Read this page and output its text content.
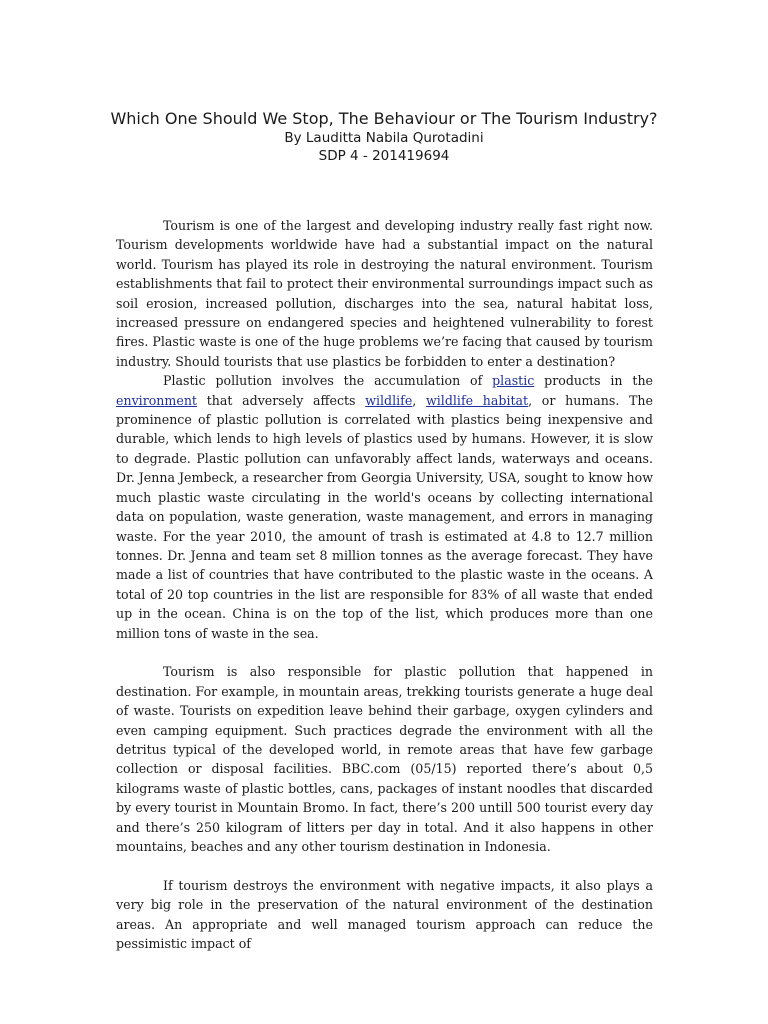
Which One Should We Stop, The Behaviour or The Tourism Industry?

By Lauditta Nabila Qurotadini

SDP 4 - 201419694

Tourism is one of the largest and developing industry really fast right now. Tourism developments worldwide have had a substantial impact on the natural world. Tourism has played its role in destroying the natural environment. Tourism establishments that fail to protect their environmental surroundings impact such as soil erosion, increased pollution, discharges into the sea, natural habitat loss, increased pressure on endangered species and heightened vulnerability to forest fires. Plastic waste is one of the huge problems we’re facing that caused by tourism industry. Should tourists that use plastics be forbidden to enter a destination?

Plastic pollution involves the accumulation of plastic products in the environment that adversely affects wildlife, wildlife habitat, or humans. The prominence of plastic pollution is correlated with plastics being inexpensive and durable, which lends to high levels of plastics used by humans. However, it is slow to degrade. Plastic pollution can unfavorably affect lands, waterways and oceans. Dr. Jenna Jembeck, a researcher from Georgia University, USA, sought to know how much plastic waste circulating in the world's oceans by collecting international data on population, waste generation, waste management, and errors in managing waste. For the year 2010, the amount of trash is estimated at 4.8 to 12.7 million tonnes. Dr. Jenna and team set 8 million tonnes as the average forecast. They have made a list of countries that have contributed to the plastic waste in the oceans. A total of 20 top countries in the list are responsible for 83% of all waste that ended up in the ocean. China is on the top of the list, which produces more than one million tons of waste in the sea.

Tourism is also responsible for plastic pollution that happened in destination. For example, in mountain areas, trekking tourists generate a huge deal of waste. Tourists on expedition leave behind their garbage, oxygen cylinders and even camping equipment. Such practices degrade the environment with all the detritus typical of the developed world, in remote areas that have few garbage collection or disposal facilities. BBC.com (05/15) reported there’s about 0,5 kilograms waste of plastic bottles, cans, packages of instant noodles that discarded by every tourist in Mountain Bromo. In fact, there’s 200 untill 500 tourist every day and there’s 250 kilogram of litters per day in total. And it also happens in other mountains, beaches and any other tourism destination in Indonesia.

If tourism destroys the environment with negative impacts, it also plays a very big role in the preservation of the natural environment of the destination areas. An appropriate and well managed tourism approach can reduce the pessimistic impact of
